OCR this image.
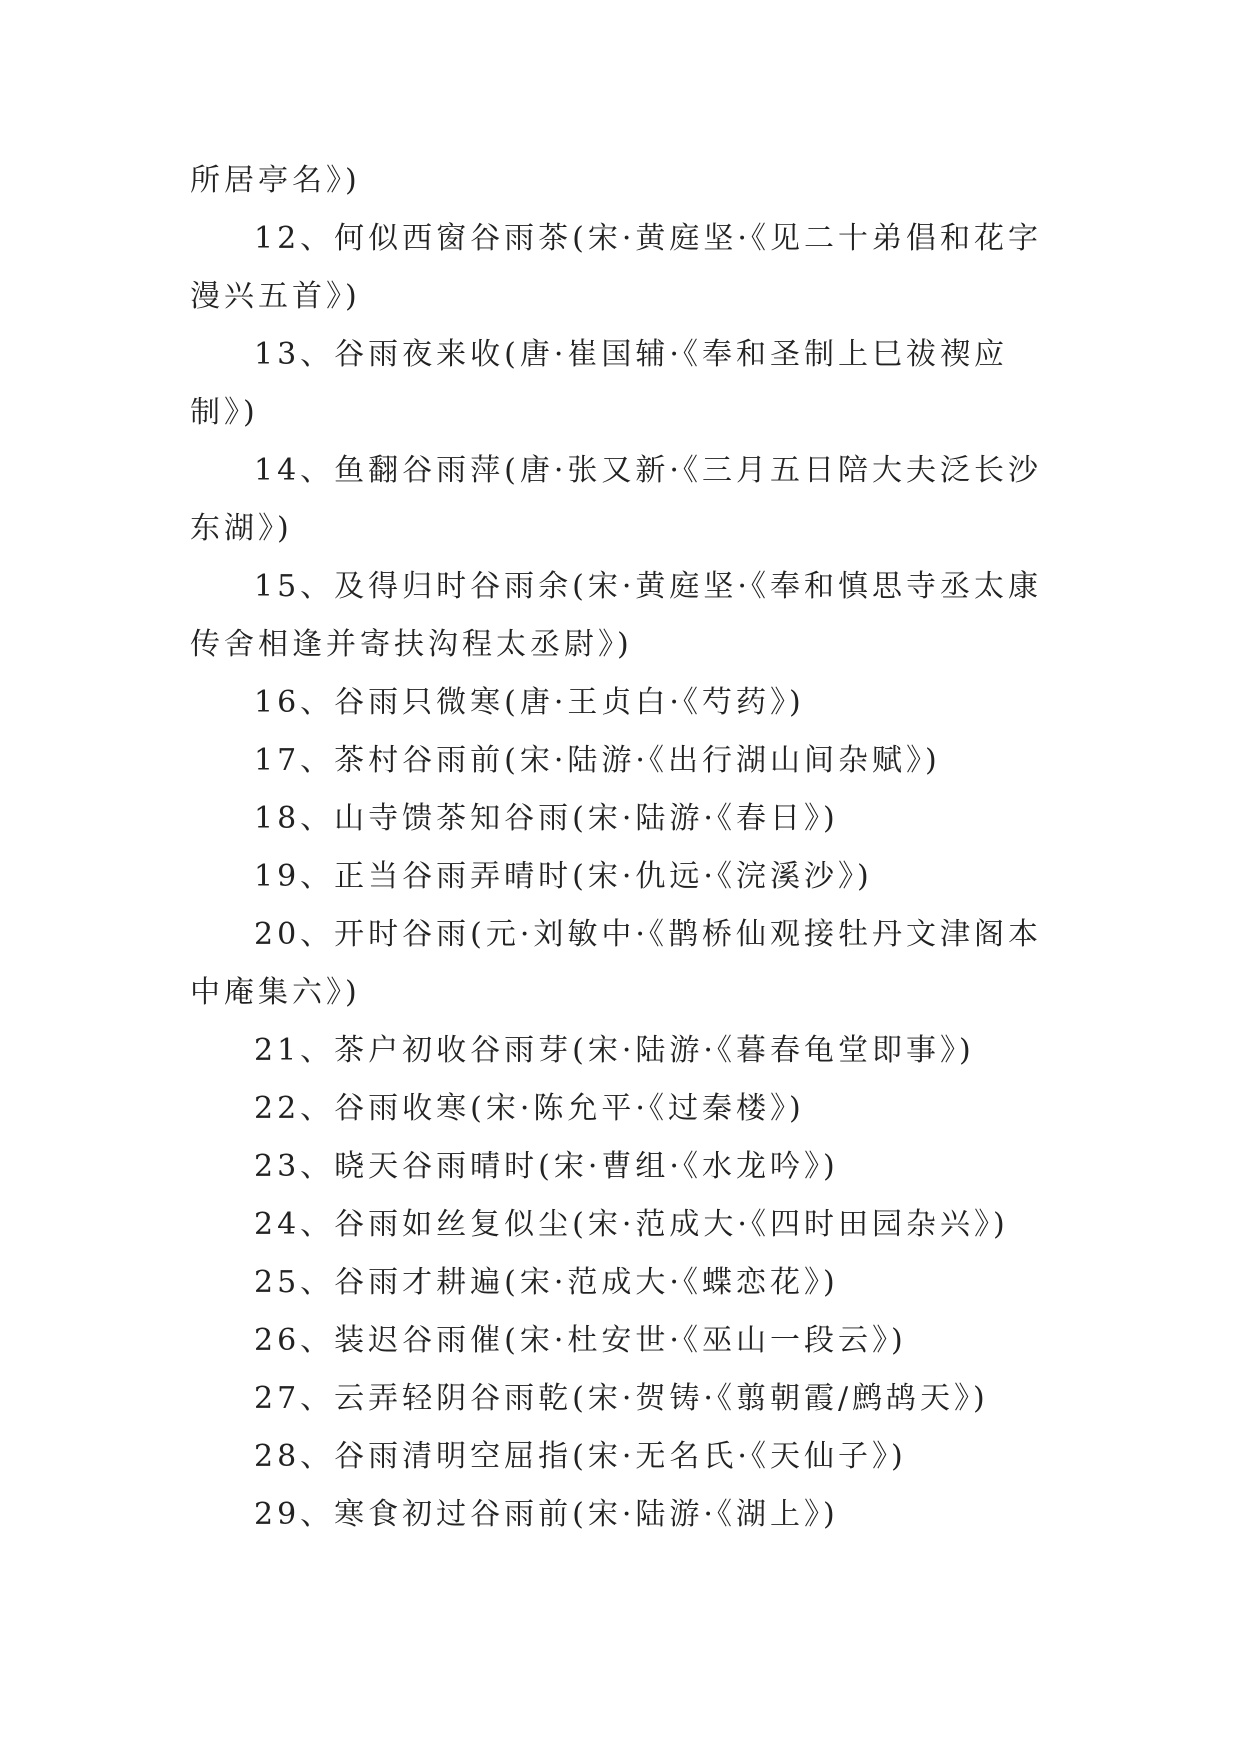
所居亭名》)

12、何似西窗谷雨茶(宋·黄庭坚·《见二十弟倡和花字漫兴五首》)

13、谷雨夜来收(唐·崔国辅·《奉和圣制上巳祓禊应制》)

14、鱼翻谷雨萍(唐·张又新·《三月五日陪大夫泛长沙东湖》)

15、及得归时谷雨余(宋·黄庭坚·《奉和慎思寺丞太康传舍相逢并寄扶沟程太丞尉》)

16、谷雨只微寒(唐·王贞白·《芍药》)

17、茶村谷雨前(宋·陆游·《出行湖山间杂赋》)

18、山寺馈茶知谷雨(宋·陆游·《春日》)

19、正当谷雨弄晴时(宋·仇远·《浣溪沙》)

20、开时谷雨(元·刘敏中·《鹊桥仙观接牡丹文津阁本中庵集六》)

21、茶户初收谷雨芽(宋·陆游·《暮春龟堂即事》)

22、谷雨收寒(宋·陈允平·《过秦楼》)

23、晓天谷雨晴时(宋·曹组·《水龙吟》)

24、谷雨如丝复似尘(宋·范成大·《四时田园杂兴》)

25、谷雨才耕遍(宋·范成大·《蝶恋花》)

26、装迟谷雨催(宋·杜安世·《巫山一段云》)

27、云弄轻阴谷雨乾(宋·贺铸·《翦朝霞/鹧鸪天》)

28、谷雨清明空屈指(宋·无名氏·《天仙子》)

29、寒食初过谷雨前(宋·陆游·《湖上》)
